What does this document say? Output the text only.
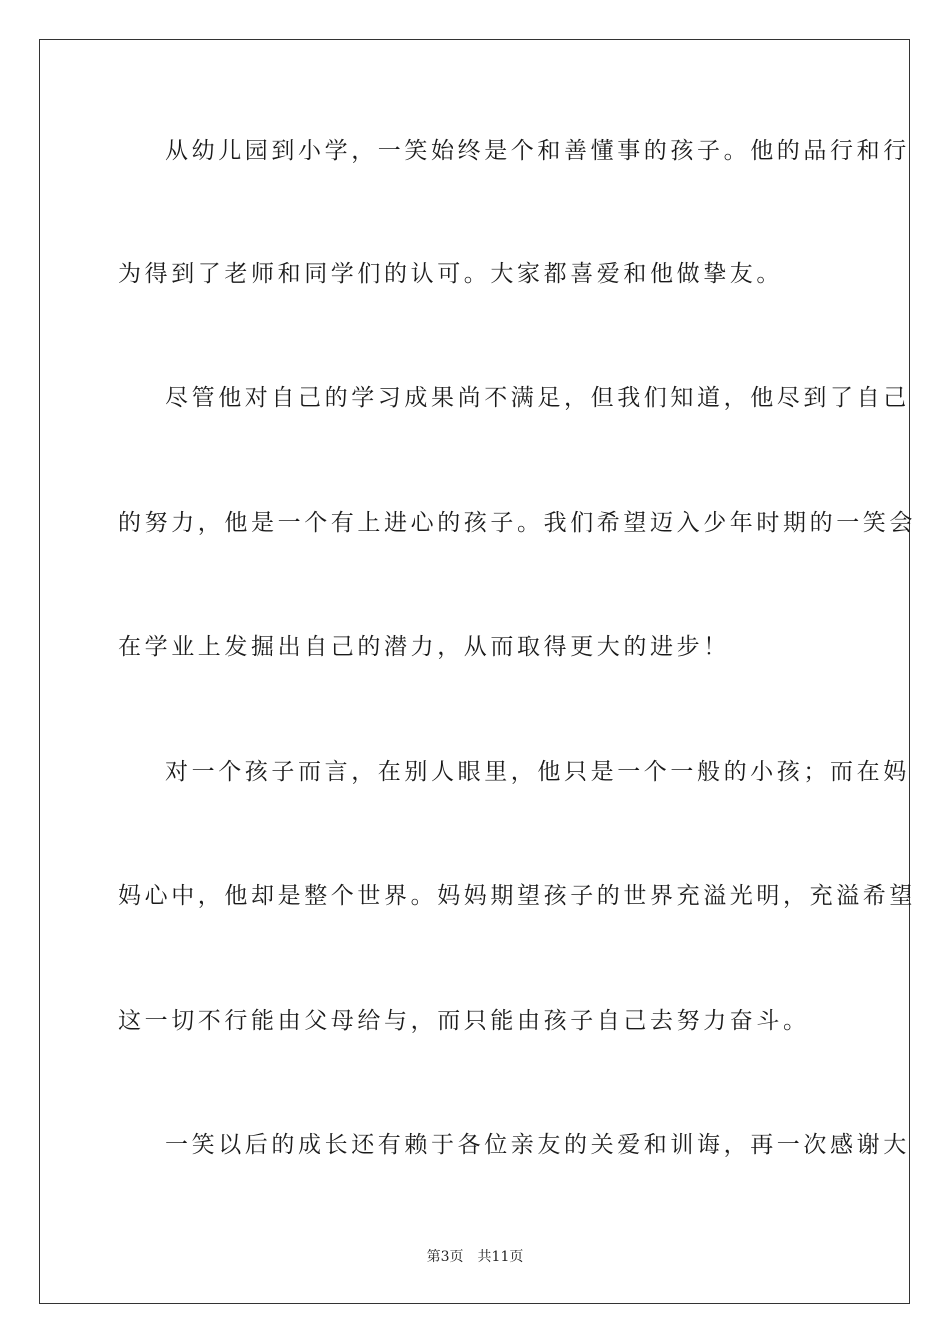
从幼儿园到小学，一笑始终是个和善懂事的孩子。他的品行和行
为得到了老师和同学们的认可。大家都喜爱和他做挚友。
尽管他对自己的学习成果尚不满足，但我们知道，他尽到了自己
的努力，他是一个有上进心的孩子。我们希望迈入少年时期的一笑会
在学业上发掘出自己的潜力，从而取得更大的进步！
对一个孩子而言，在别人眼里，他只是一个一般的小孩；而在妈
妈心中，他却是整个世界。妈妈期望孩子的世界充溢光明，充溢希望
这一切不行能由父母给与，而只能由孩子自己去努力奋斗。
一笑以后的成长还有赖于各位亲友的关爱和训诲，再一次感谢大
第3页 共11页
